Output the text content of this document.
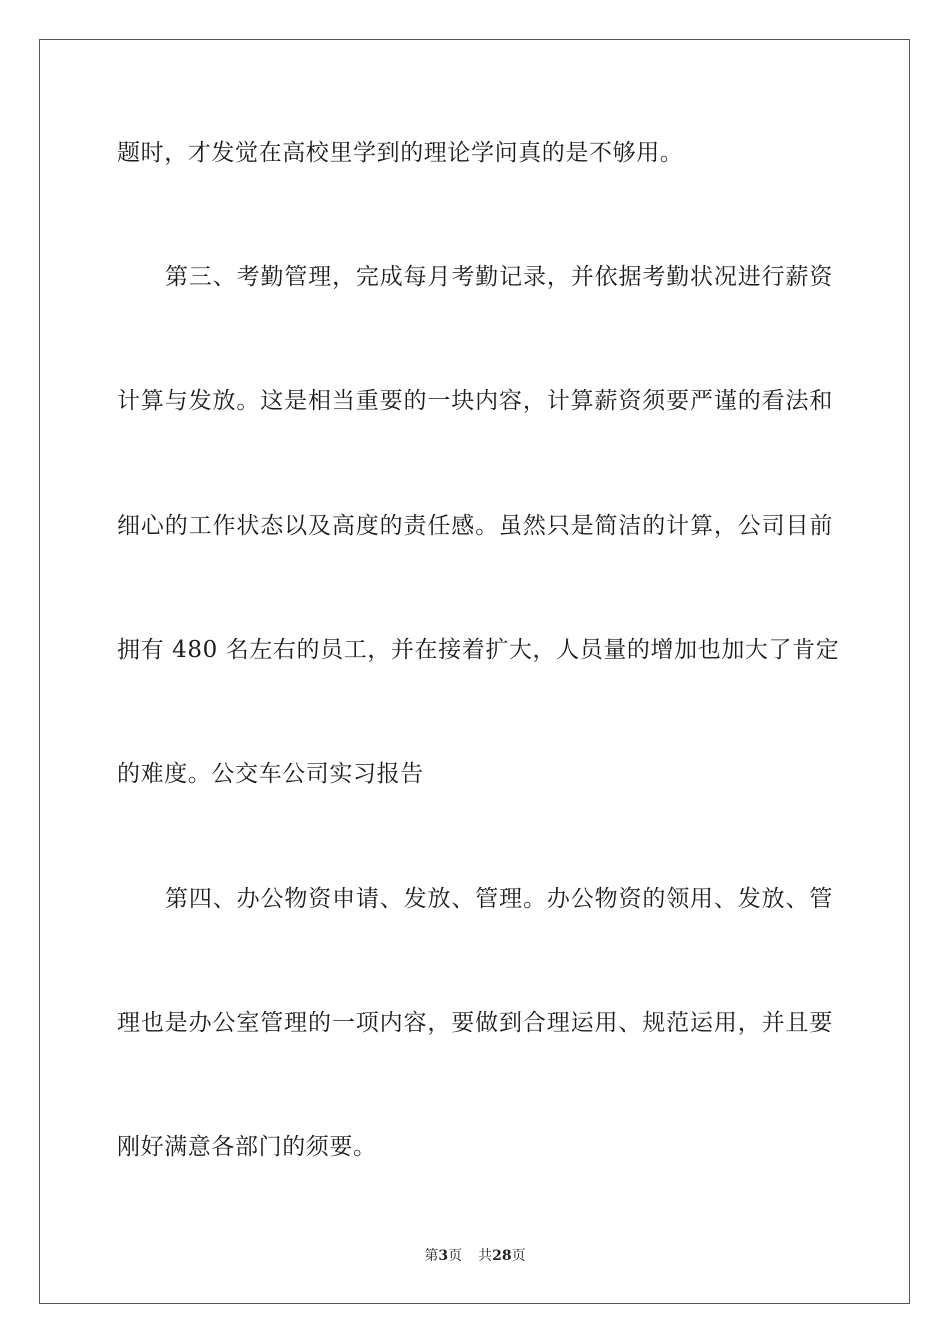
题时，才发觉在高校里学到的理论学问真的是不够用。
第三、考勤管理，完成每月考勤记录，并依据考勤状况进行薪资
计算与发放。这是相当重要的一块内容，计算薪资须要严谨的看法和
细心的工作状态以及高度的责任感。虽然只是简洁的计算，公司目前
拥有 480 名左右的员工，并在接着扩大，人员量的增加也加大了肯定
的难度。公交车公司实习报告
第四、办公物资申请、发放、管理。办公物资的领用、发放、管
理也是办公室管理的一项内容，要做到合理运用、规范运用，并且要
刚好满意各部门的须要。
第3页 共28页
